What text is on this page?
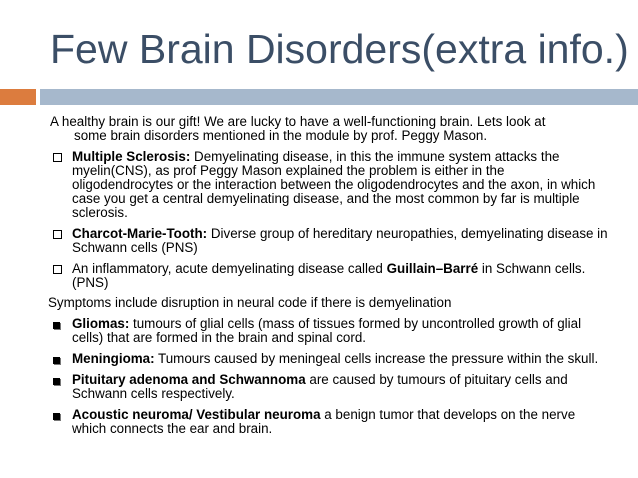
Few Brain Disorders(extra info.)

A healthy brain is our gift! We are lucky to have a well-functioning brain. Lets look at
some brain disorders mentioned in the module by prof. Peggy Mason.

Multiple Sclerosis: Demyelinating disease, in this the immune system attacks the myelin(CNS), as prof Peggy Mason explained the problem is either in the oligodendrocytes or the interaction between the oligodendrocytes and the axon, in which case you get a central demyelinating disease, and the most common by far is multiple sclerosis.
Charcot-Marie-Tooth: Diverse group of hereditary neuropathies, demyelinating disease in Schwann cells (PNS)
An inflammatory, acute demyelinating disease called Guillain–Barré in Schwann cells. (PNS)

Symptoms include disruption in neural code if there is demyelination

Gliomas: tumours of glial cells (mass of tissues formed by uncontrolled growth of glial cells) that are formed in the brain and spinal cord.
Meningioma: Tumours caused by meningeal cells increase the pressure within the skull.
Pituitary adenoma and Schwannoma are caused by tumours of pituitary cells and Schwann cells respectively.
Acoustic neuroma/ Vestibular neuroma a benign tumor that develops on the nerve which connects the ear and brain.
